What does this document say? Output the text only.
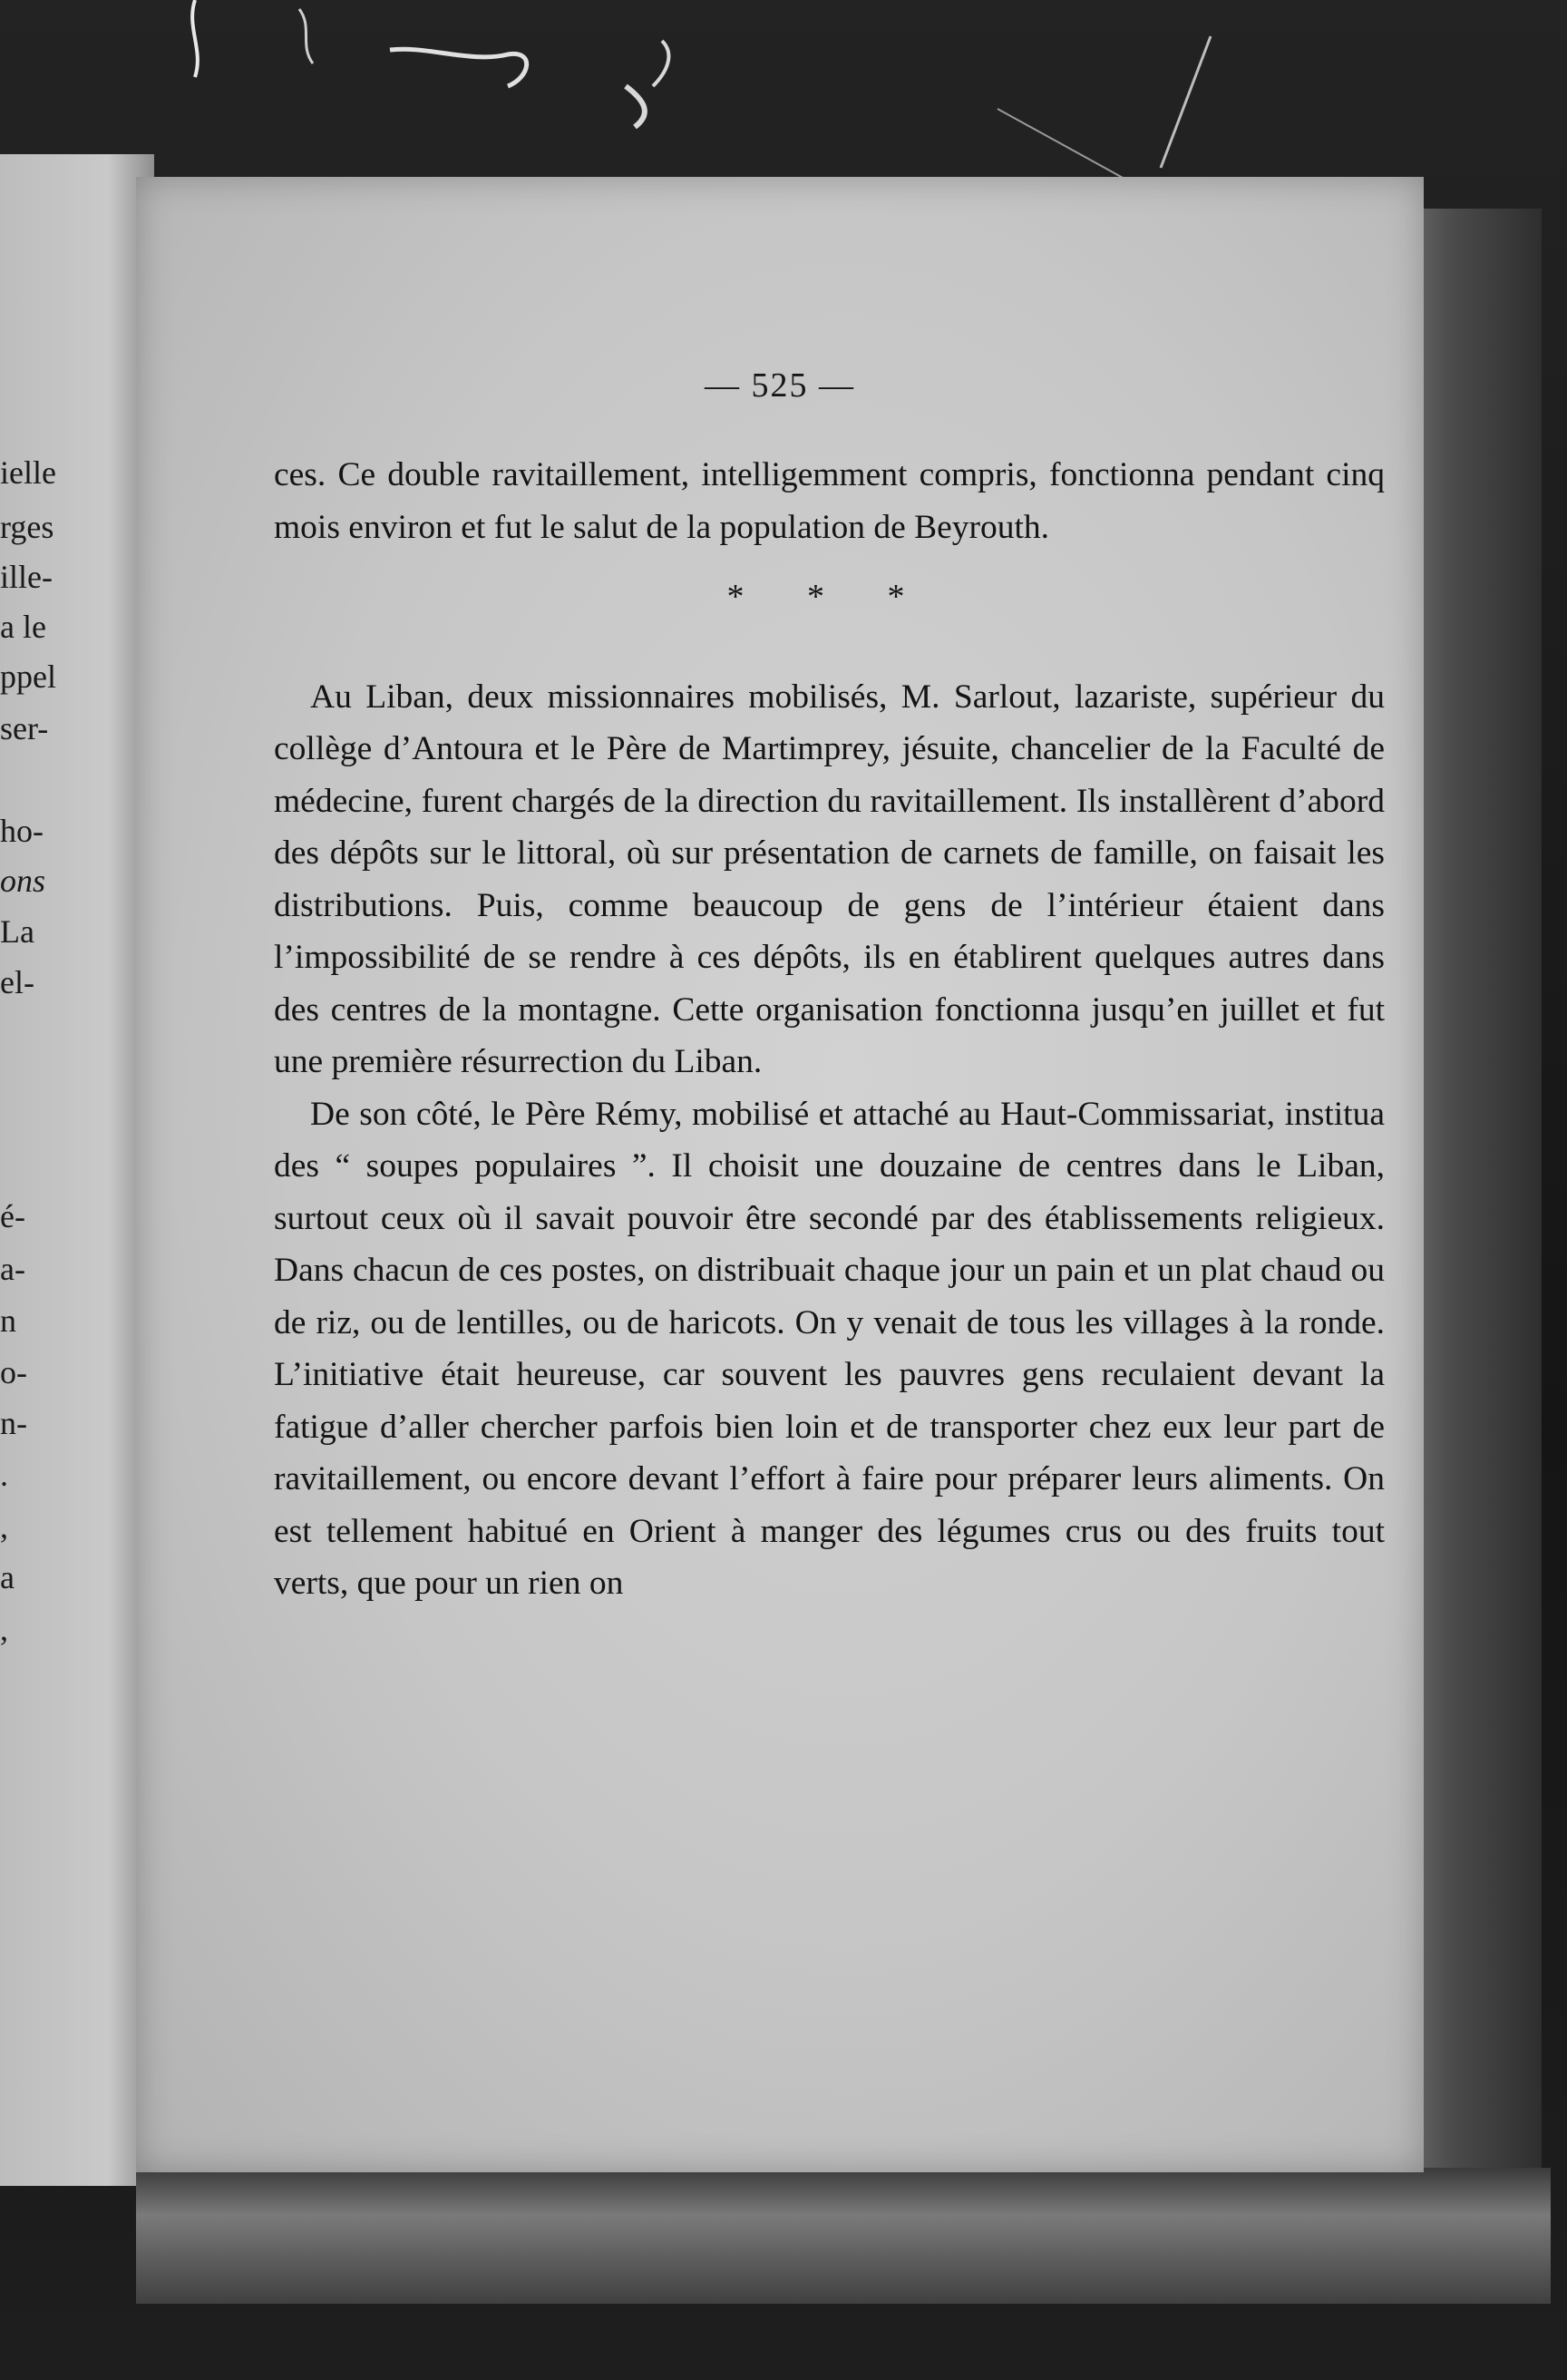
ielle
rges
ille-
a le
ppel
ser-
ho-
ons
La
el-
é-
a-
n
o-
n-
.
,
a
,
— 525 —

ces. Ce double ravitaillement, intelligemment compris, fonctionna pendant cinq mois environ et fut le salut de la population de Beyrouth.

* * *

Au Liban, deux missionnaires mobilisés, M. Sarlout, lazariste, supérieur du collège d’Antoura et le Père de Martimprey, jésuite, chancelier de la Faculté de médecine, furent chargés de la direction du ravitaillement. Ils installèrent d’abord des dépôts sur le littoral, où sur présentation de carnets de famille, on faisait les distributions. Puis, comme beaucoup de gens de l’intérieur étaient dans l’impossibilité de se rendre à ces dépôts, ils en établirent quelques autres dans des centres de la montagne. Cette organisation fonctionna jusqu’en juillet et fut une première résurrection du Liban.

De son côté, le Père Rémy, mobilisé et attaché au Haut-Commissariat, institua des “ soupes populaires ”. Il choisit une douzaine de centres dans le Liban, surtout ceux où il savait pouvoir être secondé par des établissements religieux. Dans chacun de ces postes, on distribuait chaque jour un pain et un plat chaud ou de riz, ou de lentilles, ou de haricots. On y venait de tous les villages à la ronde. L’initiative était heureuse, car souvent les pauvres gens reculaient devant la fatigue d’aller chercher parfois bien loin et de transporter chez eux leur part de ravitaillement, ou encore devant l’effort à faire pour préparer leurs aliments. On est tellement habitué en Orient à manger des légumes crus ou des fruits tout verts, que pour un rien on
